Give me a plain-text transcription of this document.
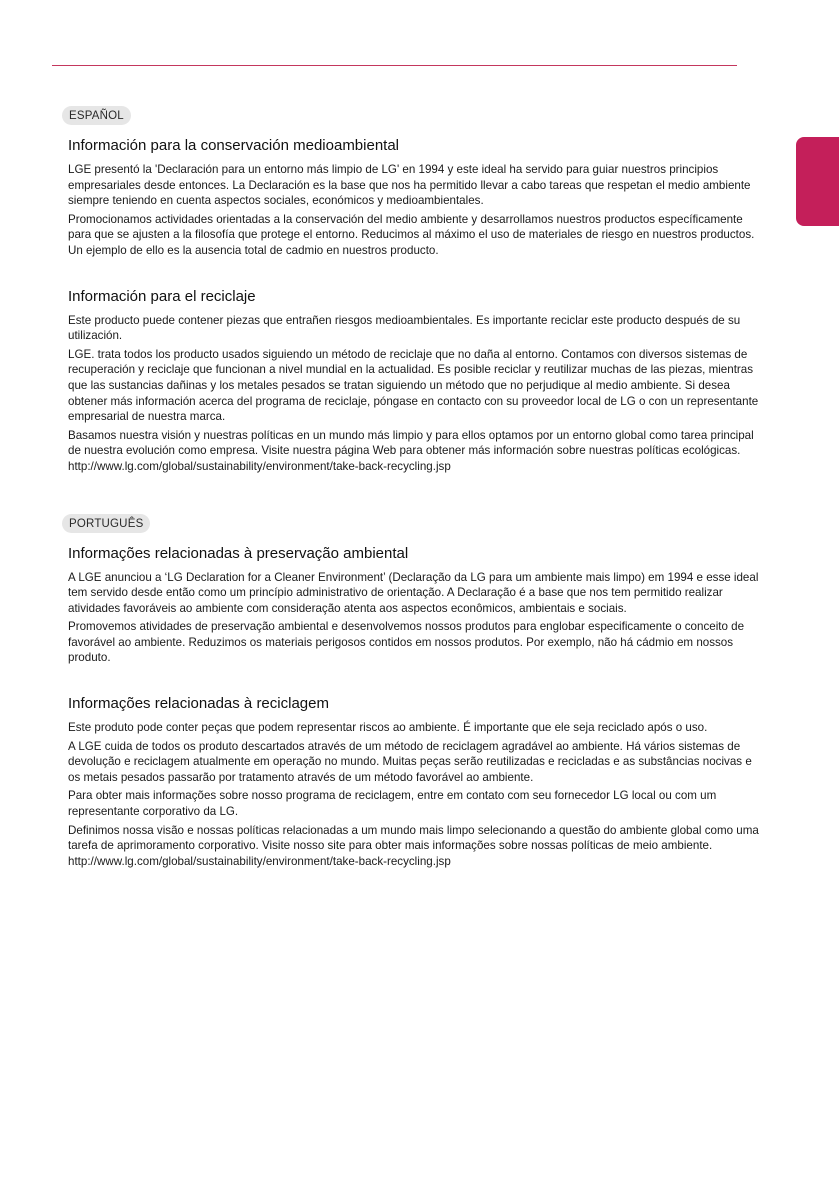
ESPAÑOL
Información para la conservación medioambiental

LGE presentó la 'Declaración para un entorno más limpio de LG' en 1994 y este ideal ha servido para guiar nuestros principios empresariales desde entonces. La Declaración es la base que nos ha permitido llevar a cabo tareas que respetan el medio ambiente siempre teniendo en cuenta aspectos sociales, económicos y medioambientales.

Promocionamos actividades orientadas a la conservación del medio ambiente y desarrollamos nuestros productos específicamente para que se ajusten a la filosofía que protege el entorno. Reducimos al máximo el uso de materiales de riesgo en nuestros productos. Un ejemplo de ello es la ausencia total de cadmio en nuestros producto.

Información para el reciclaje

Este producto puede contener piezas que entrañen riesgos medioambientales. Es importante reciclar este producto después de su utilización.

LGE. trata todos los producto usados siguiendo un método de reciclaje que no daña al entorno. Contamos con diversos sistemas de recuperación y reciclaje que funcionan a nivel mundial en la actualidad. Es posible reciclar y reutilizar muchas de las piezas, mientras que las sustancias dañinas y los metales pesados se tratan siguiendo un método que no perjudique al medio ambiente. Si desea obtener más información acerca del programa de reciclaje, póngase en contacto con su proveedor local de LG o con un representante empresarial de nuestra marca.

Basamos nuestra visión y nuestras políticas en un mundo más limpio y para ellos optamos por un entorno global como tarea principal de nuestra evolución como empresa. Visite nuestra página Web para obtener más información sobre nuestras políticas ecológicas.

http://www.lg.com/global/sustainability/environment/take-back-recycling.jsp

PORTUGUÊS
Informações relacionadas à preservação ambiental

A LGE anunciou a ‘LG Declaration for a Cleaner Environment’ (Declaração da LG para um ambiente mais limpo) em 1994 e esse ideal tem servido desde então como um princípio administrativo de orientação. A Declaração é a base que nos tem permitido realizar atividades favoráveis ao ambiente com consideração atenta aos aspectos econômicos, ambientais e sociais.

Promovemos atividades de preservação ambiental e desenvolvemos nossos produtos para englobar especificamente o conceito de favorável ao ambiente. Reduzimos os materiais perigosos contidos em nossos produtos. Por exemplo, não há cádmio em nossos produto.

Informações relacionadas à reciclagem

Este produto pode conter peças que podem representar riscos ao ambiente. É importante que ele seja reciclado após o uso.

A LGE cuida de todos os produto descartados através de um método de reciclagem agradável ao ambiente. Há vários sistemas de devolução e reciclagem atualmente em operação no mundo. Muitas peças serão reutilizadas e recicladas e as substâncias nocivas e os metais pesados passarão por tratamento através de um método favorável ao ambiente.

Para obter mais informações sobre nosso programa de reciclagem, entre em contato com seu fornecedor LG local ou com um representante corporativo da LG.

Definimos nossa visão e nossas políticas relacionadas a um mundo mais limpo selecionando a questão do ambiente global como uma tarefa de aprimoramento corporativo. Visite nosso site para obter mais informações sobre nossas políticas de meio ambiente.

http://www.lg.com/global/sustainability/environment/take-back-recycling.jsp
